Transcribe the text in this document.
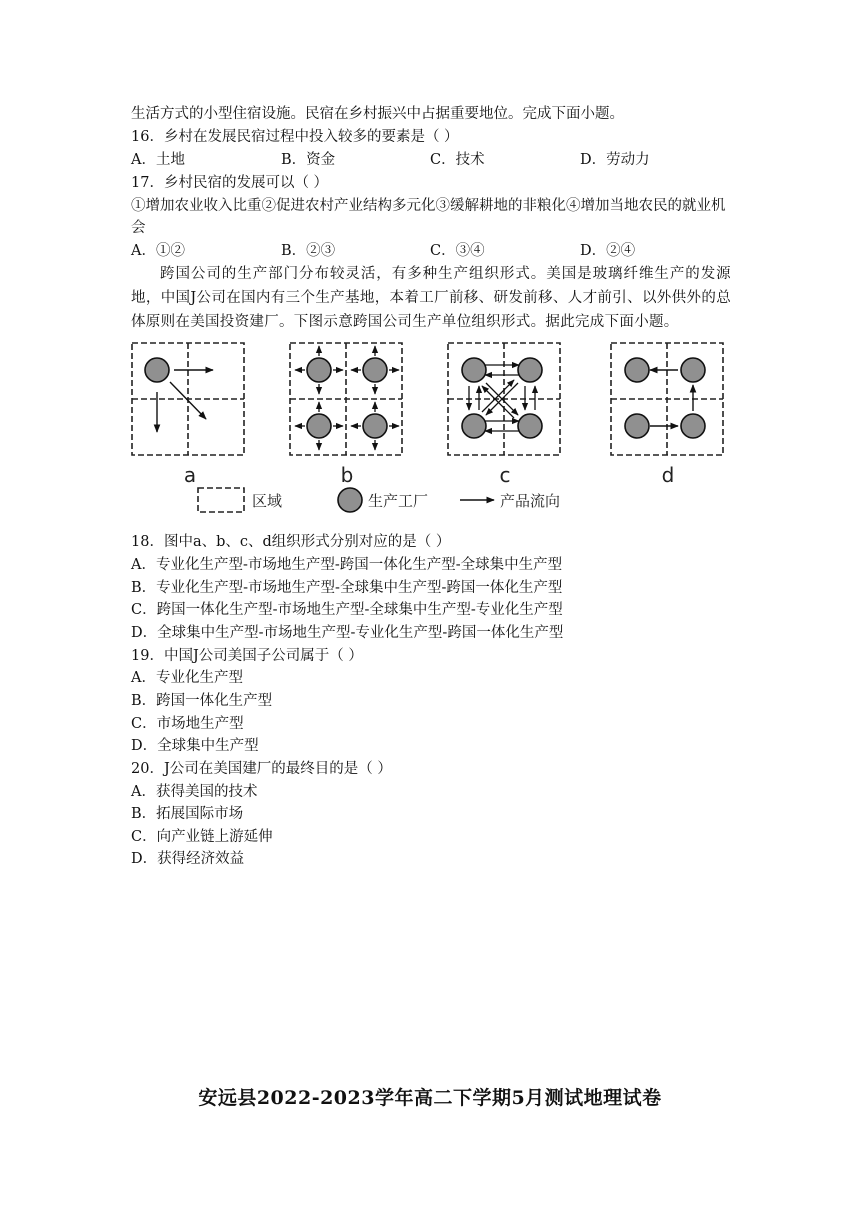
生活方式的小型住宿设施。民宿在乡村振兴中占据重要地位。完成下面小题。
16．乡村在发展民宿过程中投入较多的要素是（ ）
A．土地	B．资金	C．技术	D．劳动力
17．乡村民宿的发展可以（ ）
①增加农业收入比重②促进农村产业结构多元化③缓解耕地的非粮化④增加当地农民的就业机会
A．①②	B．②③	C．③④	D．②④
跨国公司的生产部门分布较灵活，有多种生产组织形式。美国是玻璃纤维生产的发源地，中国J公司在国内有三个生产基地，本着工厂前移、研发前移、人才前引、以外供外的总体原则在美国投资建厂。下图示意跨国公司生产单位组织形式。据此完成下面小题。
a	b	c	d
区域	生产工厂	产品流向
18．图中a、b、c、d组织形式分别对应的是（ ）
A．专业化生产型-市场地生产型-跨国一体化生产型-全球集中生产型
B．专业化生产型-市场地生产型-全球集中生产型-跨国一体化生产型
C．跨国一体化生产型-市场地生产型-全球集中生产型-专业化生产型
D．全球集中生产型-市场地生产型-专业化生产型-跨国一体化生产型
19．中国J公司美国子公司属于（ ）
A．专业化生产型
B．跨国一体化生产型
C．市场地生产型
D．全球集中生产型
20．J公司在美国建厂的最终目的是（ ）
A．获得美国的技术
B．拓展国际市场
C．向产业链上游延伸
D．获得经济效益
安远县2022-2023学年高二下学期5月测试地理试卷
